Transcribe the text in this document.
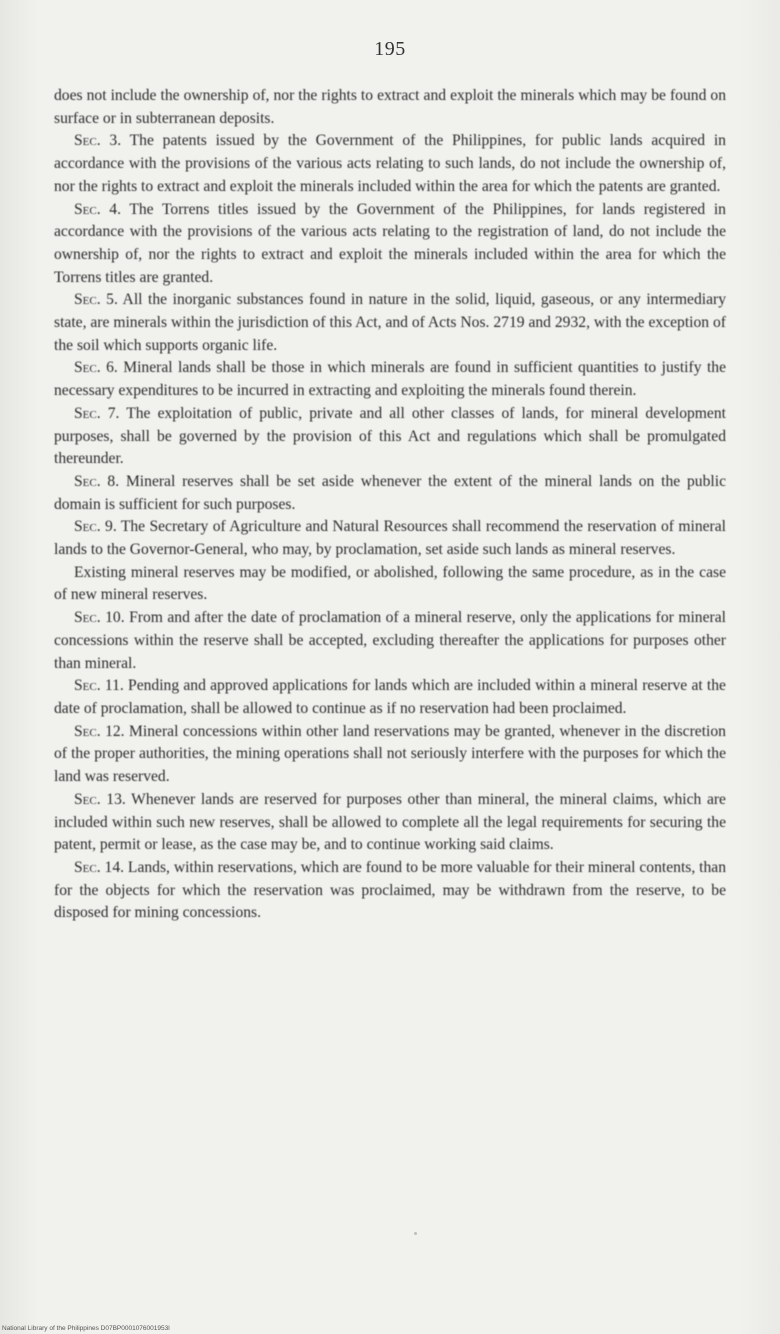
195

does not include the ownership of, nor the rights to extract and exploit the minerals which may be found on surface or in subterranean deposits.

Sec. 3. The patents issued by the Government of the Philippines, for public lands acquired in accordance with the provisions of the various acts relating to such lands, do not include the ownership of, nor the rights to extract and exploit the minerals included within the area for which the patents are granted.

Sec. 4. The Torrens titles issued by the Government of the Philippines, for lands registered in accordance with the provisions of the various acts relating to the registration of land, do not include the ownership of, nor the rights to extract and exploit the minerals included within the area for which the Torrens titles are granted.

Sec. 5. All the inorganic substances found in nature in the solid, liquid, gaseous, or any intermediary state, are minerals within the jurisdiction of this Act, and of Acts Nos. 2719 and 2932, with the exception of the soil which supports organic life.

Sec. 6. Mineral lands shall be those in which minerals are found in sufficient quantities to justify the necessary expenditures to be incurred in extracting and exploiting the minerals found therein.

Sec. 7. The exploitation of public, private and all other classes of lands, for mineral development purposes, shall be governed by the provision of this Act and regulations which shall be promulgated thereunder.

Sec. 8. Mineral reserves shall be set aside whenever the extent of the mineral lands on the public domain is sufficient for such purposes.

Sec. 9. The Secretary of Agriculture and Natural Resources shall recommend the reservation of mineral lands to the Governor-General, who may, by proclamation, set aside such lands as mineral reserves.

Existing mineral reserves may be modified, or abolished, following the same procedure, as in the case of new mineral reserves.

Sec. 10. From and after the date of proclamation of a mineral reserve, only the applications for mineral concessions within the reserve shall be accepted, excluding thereafter the applications for purposes other than mineral.

Sec. 11. Pending and approved applications for lands which are included within a mineral reserve at the date of proclamation, shall be allowed to continue as if no reservation had been proclaimed.

Sec. 12. Mineral concessions within other land reservations may be granted, whenever in the discretion of the proper authorities, the mining operations shall not seriously interfere with the purposes for which the land was reserved.

Sec. 13. Whenever lands are reserved for purposes other than mineral, the mineral claims, which are included within such new reserves, shall be allowed to complete all the legal requirements for securing the patent, permit or lease, as the case may be, and to continue working said claims.

Sec. 14. Lands, within reservations, which are found to be more valuable for their mineral contents, than for the objects for which the reservation was proclaimed, may be withdrawn from the reserve, to be disposed for mining concessions.

National Library of the Philippines D07BP0001076001953l
